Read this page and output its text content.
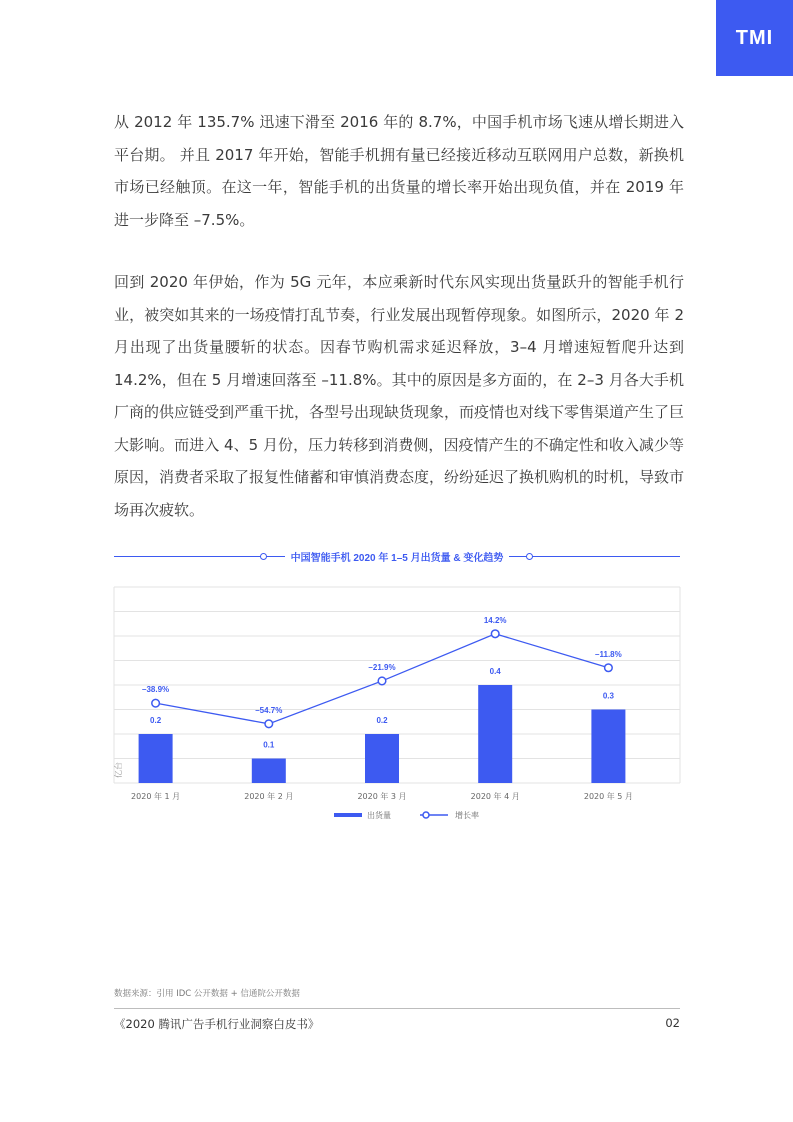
TMI
从 2012 年 135.7% 迅速下滑至 2016 年的 8.7%，中国手机市场飞速从增长期进入平台期。 并且 2017 年开始，智能手机拥有量已经接近移动互联网用户总数，新换机市场已经触顶。在这一年，智能手机的出货量的增长率开始出现负值，并在 2019 年进一步降至 –7.5%。
回到 2020 年伊始，作为 5G 元年，本应乘新时代东风实现出货量跃升的智能手机行业，被突如其来的一场疫情打乱节奏，行业发展出现暂停现象。如图所示，2020 年 2 月出现了出货量腰斩的状态。因春节购机需求延迟释放，3–4 月增速短暂爬升达到 14.2%，但在 5 月增速回落至 –11.8%。其中的原因是多方面的，在 2–3 月各大手机厂商的供应链受到严重干扰，各型号出现缺货现象，而疫情也对线下零售渠道产生了巨大影响。而进入 4、5 月份，压力转移到消费侧，因疫情产生的不确定性和收入减少等原因，消费者采取了报复性储蓄和审慎消费态度，纷纷延迟了换机购机的时机，导致市场再次疲软。
中国智能手机 2020 年 1–5 月出货量 & 变化趋势
亿台
0.2
2020 年 1 月
0.1
2020 年 2 月
0.2
2020 年 3 月
0.4
2020 年 4 月
0.3
2020 年 5 月
–38.9%
–54.7%
–21.9%
14.2%
–11.8%
出货量	增长率
数据来源：引用 IDC 公开数据 + 信通院公开数据
《2020 腾讯广告手机行业洞察白皮书》	02
